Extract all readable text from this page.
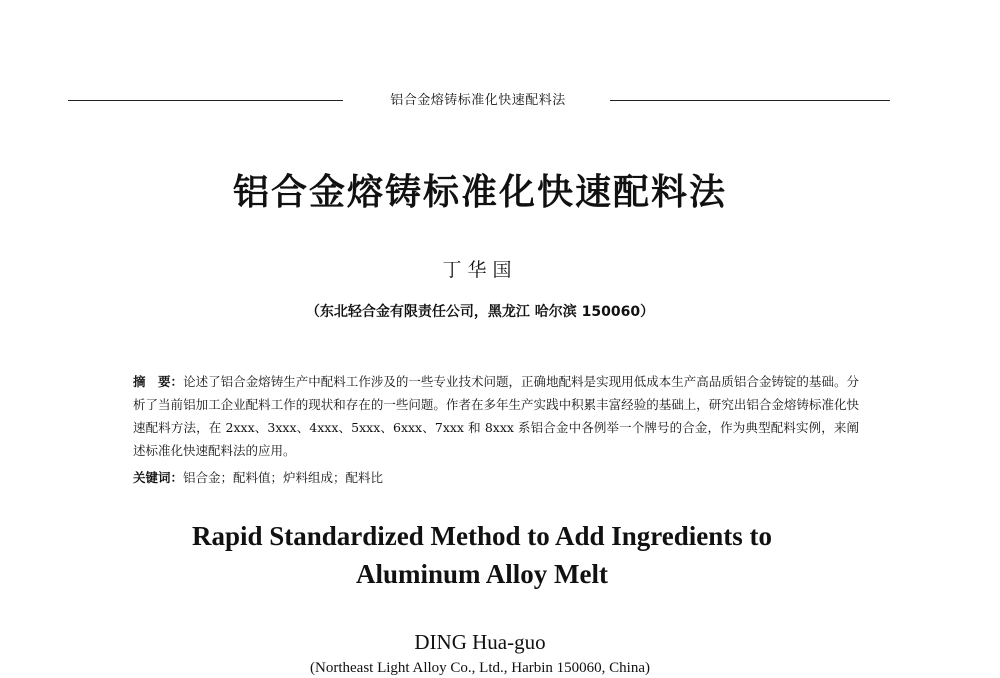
铝合金熔铸标准化快速配料法
铝合金熔铸标准化快速配料法
丁华国
（东北轻合金有限责任公司，黑龙江 哈尔滨 150060）
摘　要：论述了铝合金熔铸生产中配料工作涉及的一些专业技术问题，正确地配料是实现用低成本生产高品质铝合金铸锭的基础。分析了当前铝加工企业配料工作的现状和存在的一些问题。作者在多年生产实践中积累丰富经验的基础上，研究出铝合金熔铸标准化快速配料方法，在 2xxx、3xxx、4xxx、5xxx、6xxx、7xxx 和 8xxx 系铝合金中各例举一个牌号的合金，作为典型配料实例，来阐述标准化快速配料法的应用。
关键词：铝合金；配料值；炉料组成；配料比
Rapid Standardized Method to Add Ingredients to
Aluminum Alloy Melt
DING Hua-guo
(Northeast Light Alloy Co., Ltd., Harbin 150060, China)
